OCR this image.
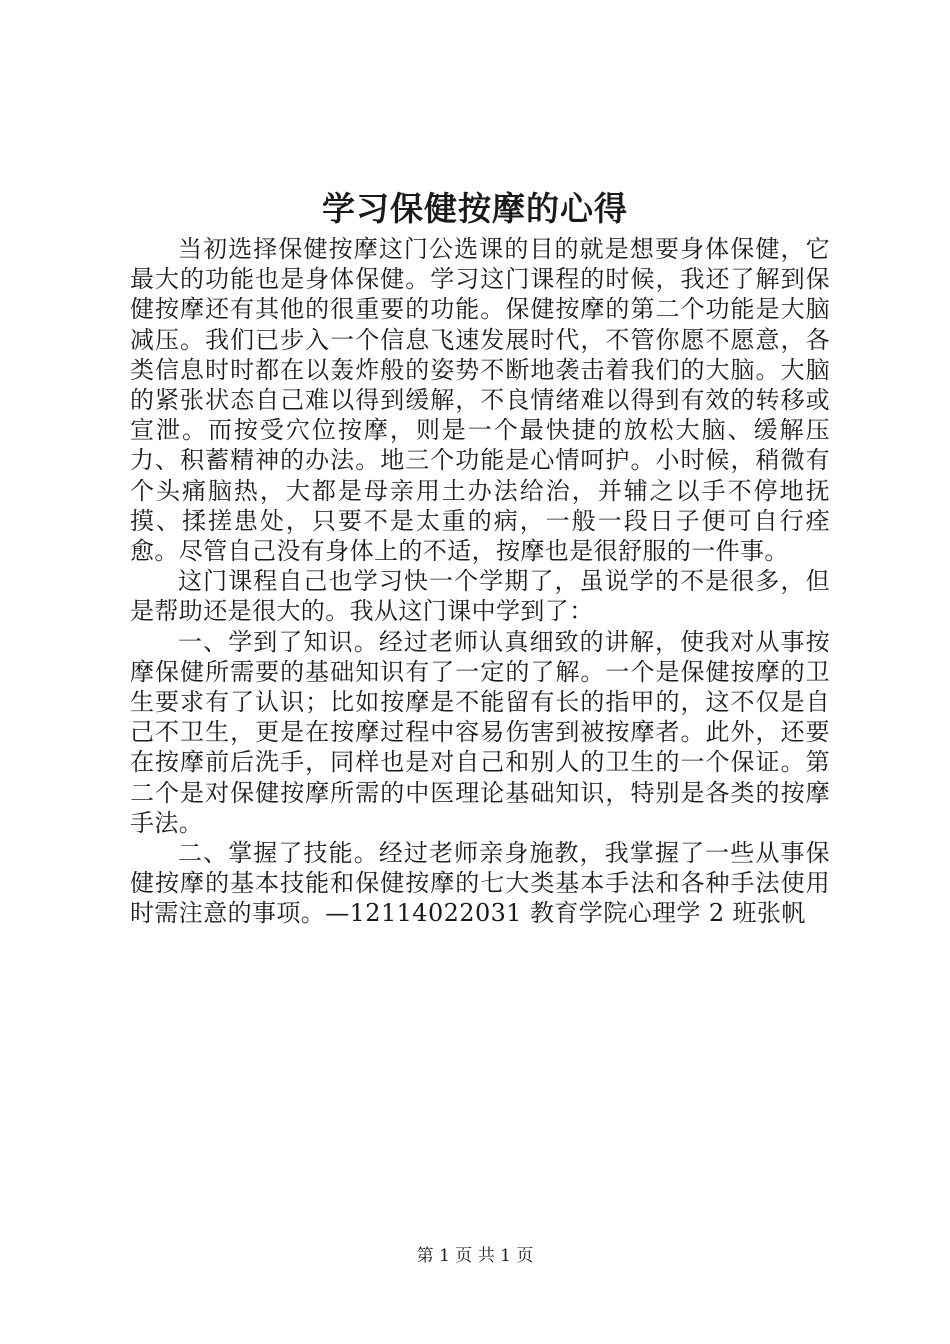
学习保健按摩的心得

当初选择保健按摩这门公选课的目的就是想要身体保健，它最大的功能也是身体保健。学习这门课程的时候，我还了解到保健按摩还有其他的很重要的功能。保健按摩的第二个功能是大脑减压。我们已步入一个信息飞速发展时代，不管你愿不愿意，各类信息时时都在以轰炸般的姿势不断地袭击着我们的大脑。大脑的紧张状态自己难以得到缓解，不良情绪难以得到有效的转移或宣泄。而按受穴位按摩，则是一个最快捷的放松大脑、缓解压力、积蓄精神的办法。地三个功能是心情呵护。小时候，稍微有个头痛脑热，大都是母亲用土办法给治，并辅之以手不停地抚摸、揉搓患处，只要不是太重的病，一般一段日子便可自行痊愈。尽管自己没有身体上的不适，按摩也是很舒服的一件事。

这门课程自己也学习快一个学期了，虽说学的不是很多，但是帮助还是很大的。我从这门课中学到了：

一、学到了知识。经过老师认真细致的讲解，使我对从事按摩保健所需要的基础知识有了一定的了解。一个是保健按摩的卫生要求有了认识；比如按摩是不能留有长的指甲的，这不仅是自己不卫生，更是在按摩过程中容易伤害到被按摩者。此外，还要在按摩前后洗手，同样也是对自己和别人的卫生的一个保证。第二个是对保健按摩所需的中医理论基础知识，特别是各类的按摩手法。

二、掌握了技能。经过老师亲身施教，我掌握了一些从事保健按摩的基本技能和保健按摩的七大类基本手法和各种手法使用时需注意的事项。—12114022031 教育学院心理学 2 班张帆

第 1 页 共 1 页
